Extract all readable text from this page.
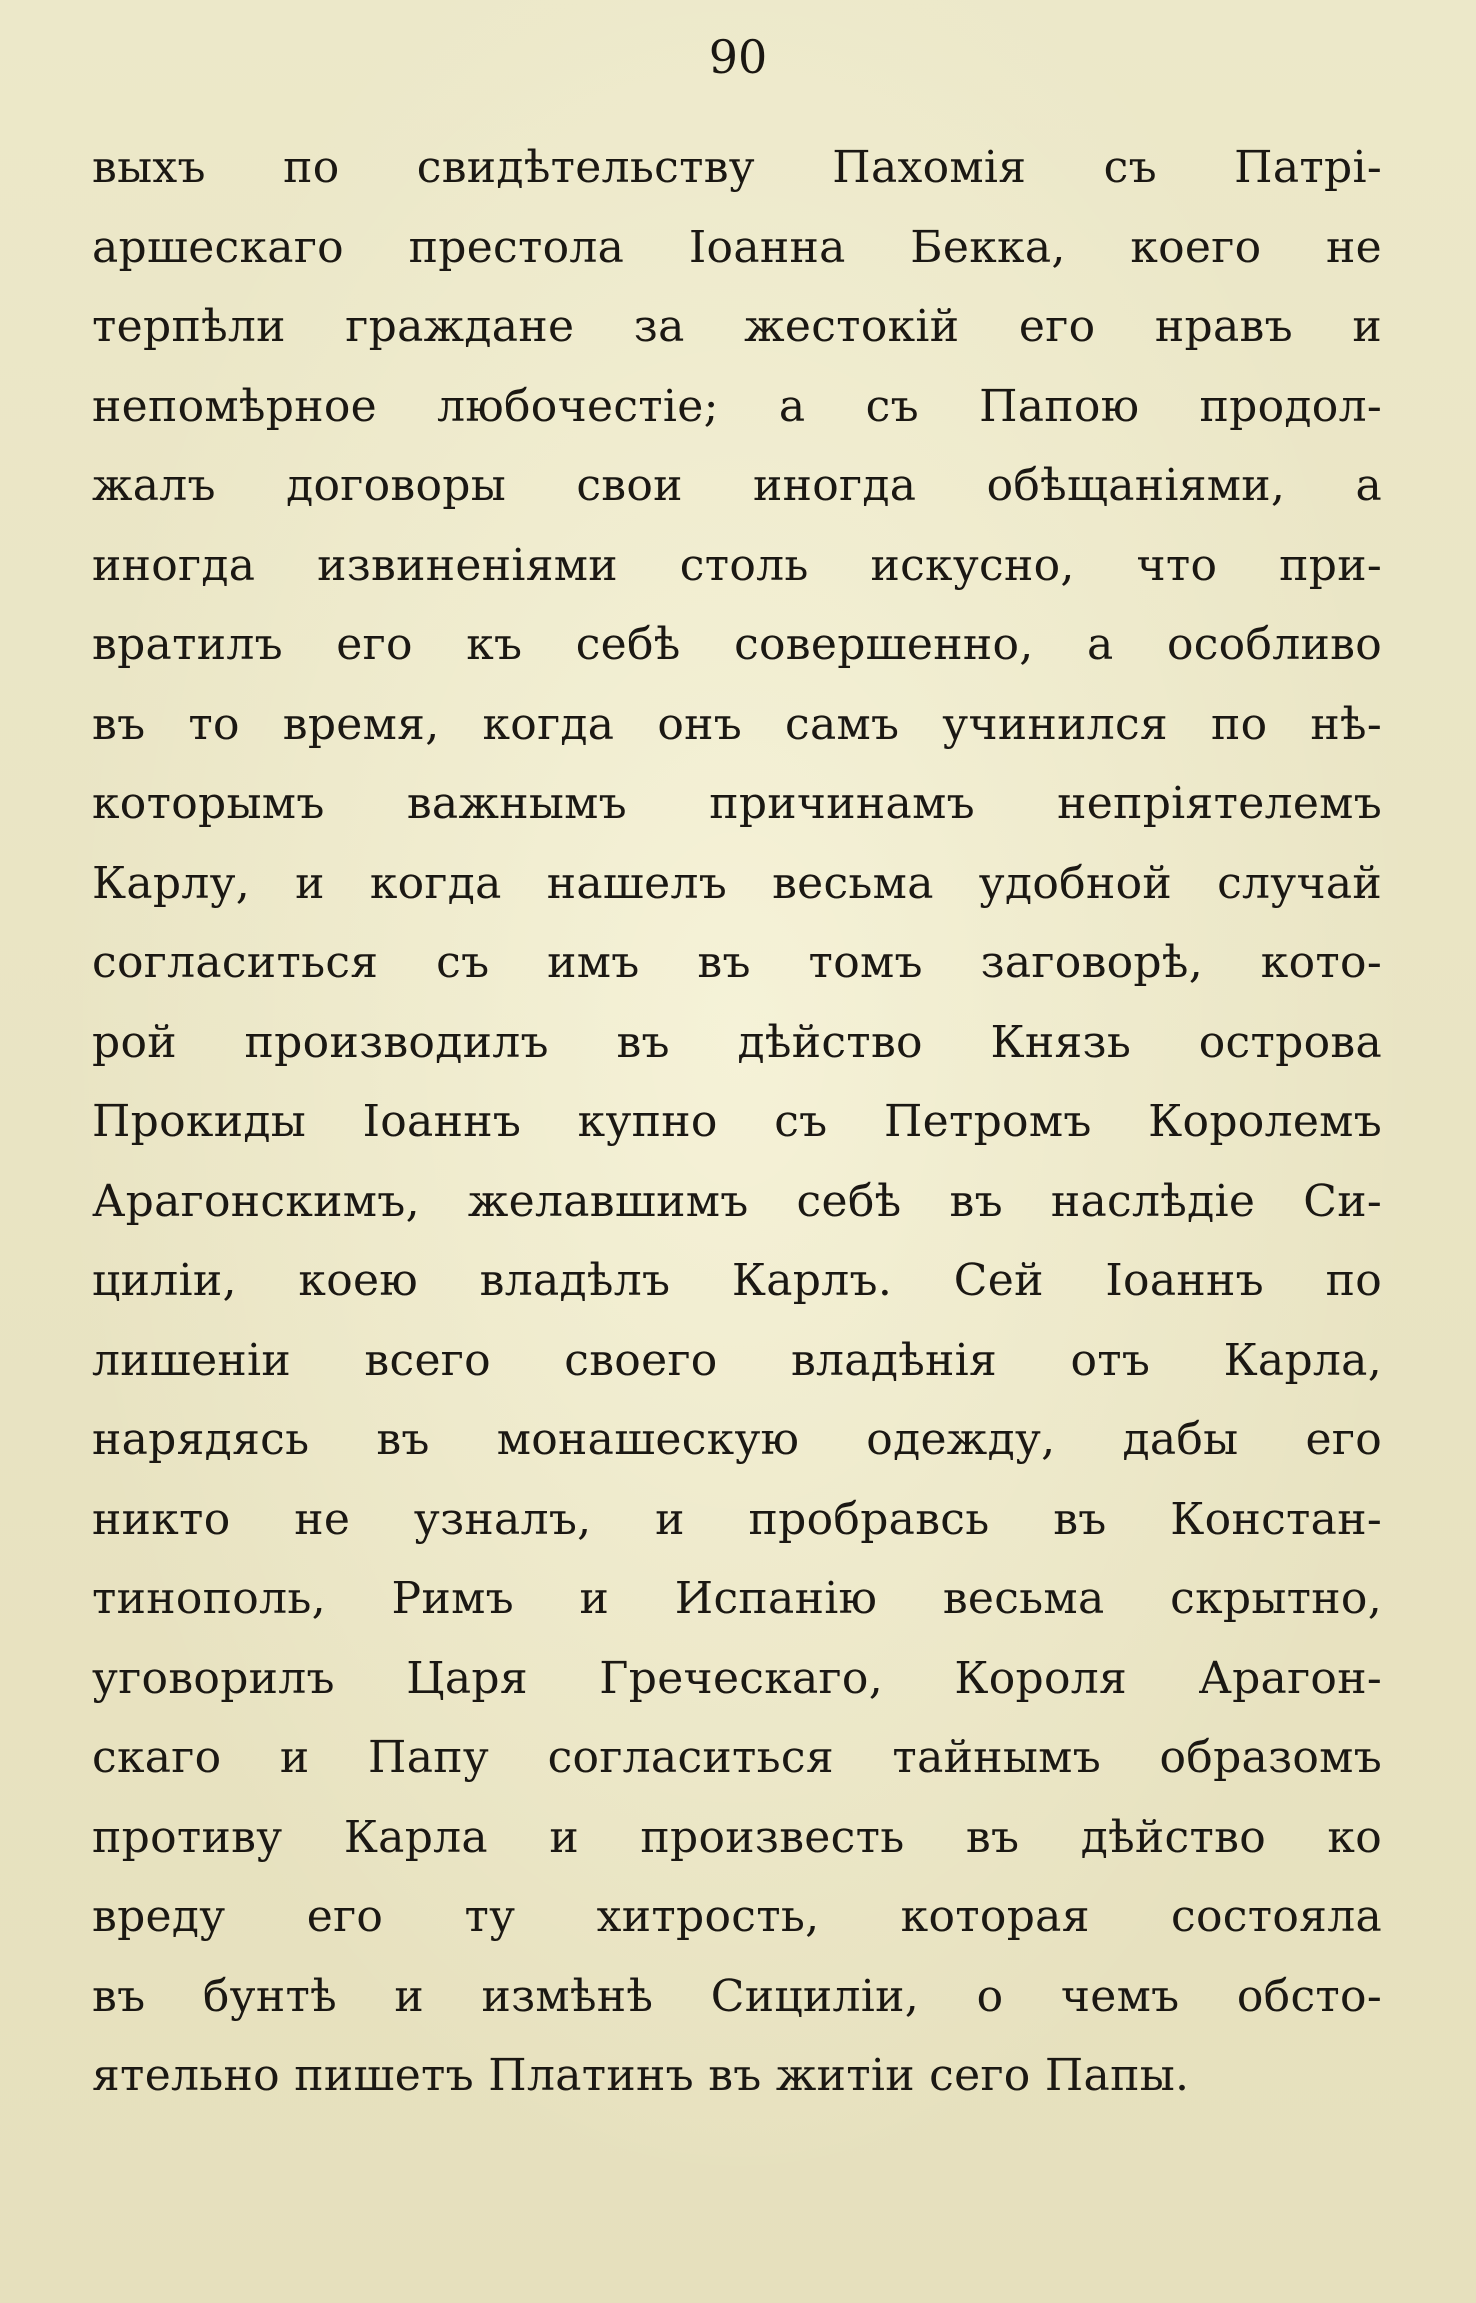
90
выхъ по свидѣтельству Пахомія съ Патрі-
аршескаго престола Іоанна Бекка, коего не
терпѣли граждане за жестокій его нравъ и
непомѣрное любочестіе; а съ Папою продол-
жалъ договоры свои иногда обѣщаніями, а
иногда извиненіями столь искусно, что при-
вратилъ его къ себѣ совершенно, а особливо
въ то время, когда онъ самъ учинился по нѣ-
которымъ важнымъ причинамъ непріятелемъ
Карлу, и когда нашелъ весьма удобной случай
согласиться съ имъ въ томъ заговорѣ, кото-
рой производилъ въ дѣйство Князь острова
Прокиды Іоаннъ купно съ Петромъ Королемъ
Арагонскимъ, желавшимъ себѣ въ наслѣдіе Си-
циліи, коею владѣлъ Карлъ. Сей Іоаннъ по
лишеніи всего своего владѣнія отъ Карла,
нарядясь въ монашескую одежду, дабы его
никто не узналъ, и пробравсь въ Констан-
тинополь, Римъ и Испанію весьма скрытно,
уговорилъ Царя Греческаго, Короля Арагон-
скаго и Папу согласиться тайнымъ образомъ
противу Карла и произвесть въ дѣйство ко
вреду его ту хитрость, которая состояла
въ бунтѣ и измѣнѣ Сициліи, о чемъ обсто-
ятельно пишетъ Платинъ въ житіи сего Папы.
